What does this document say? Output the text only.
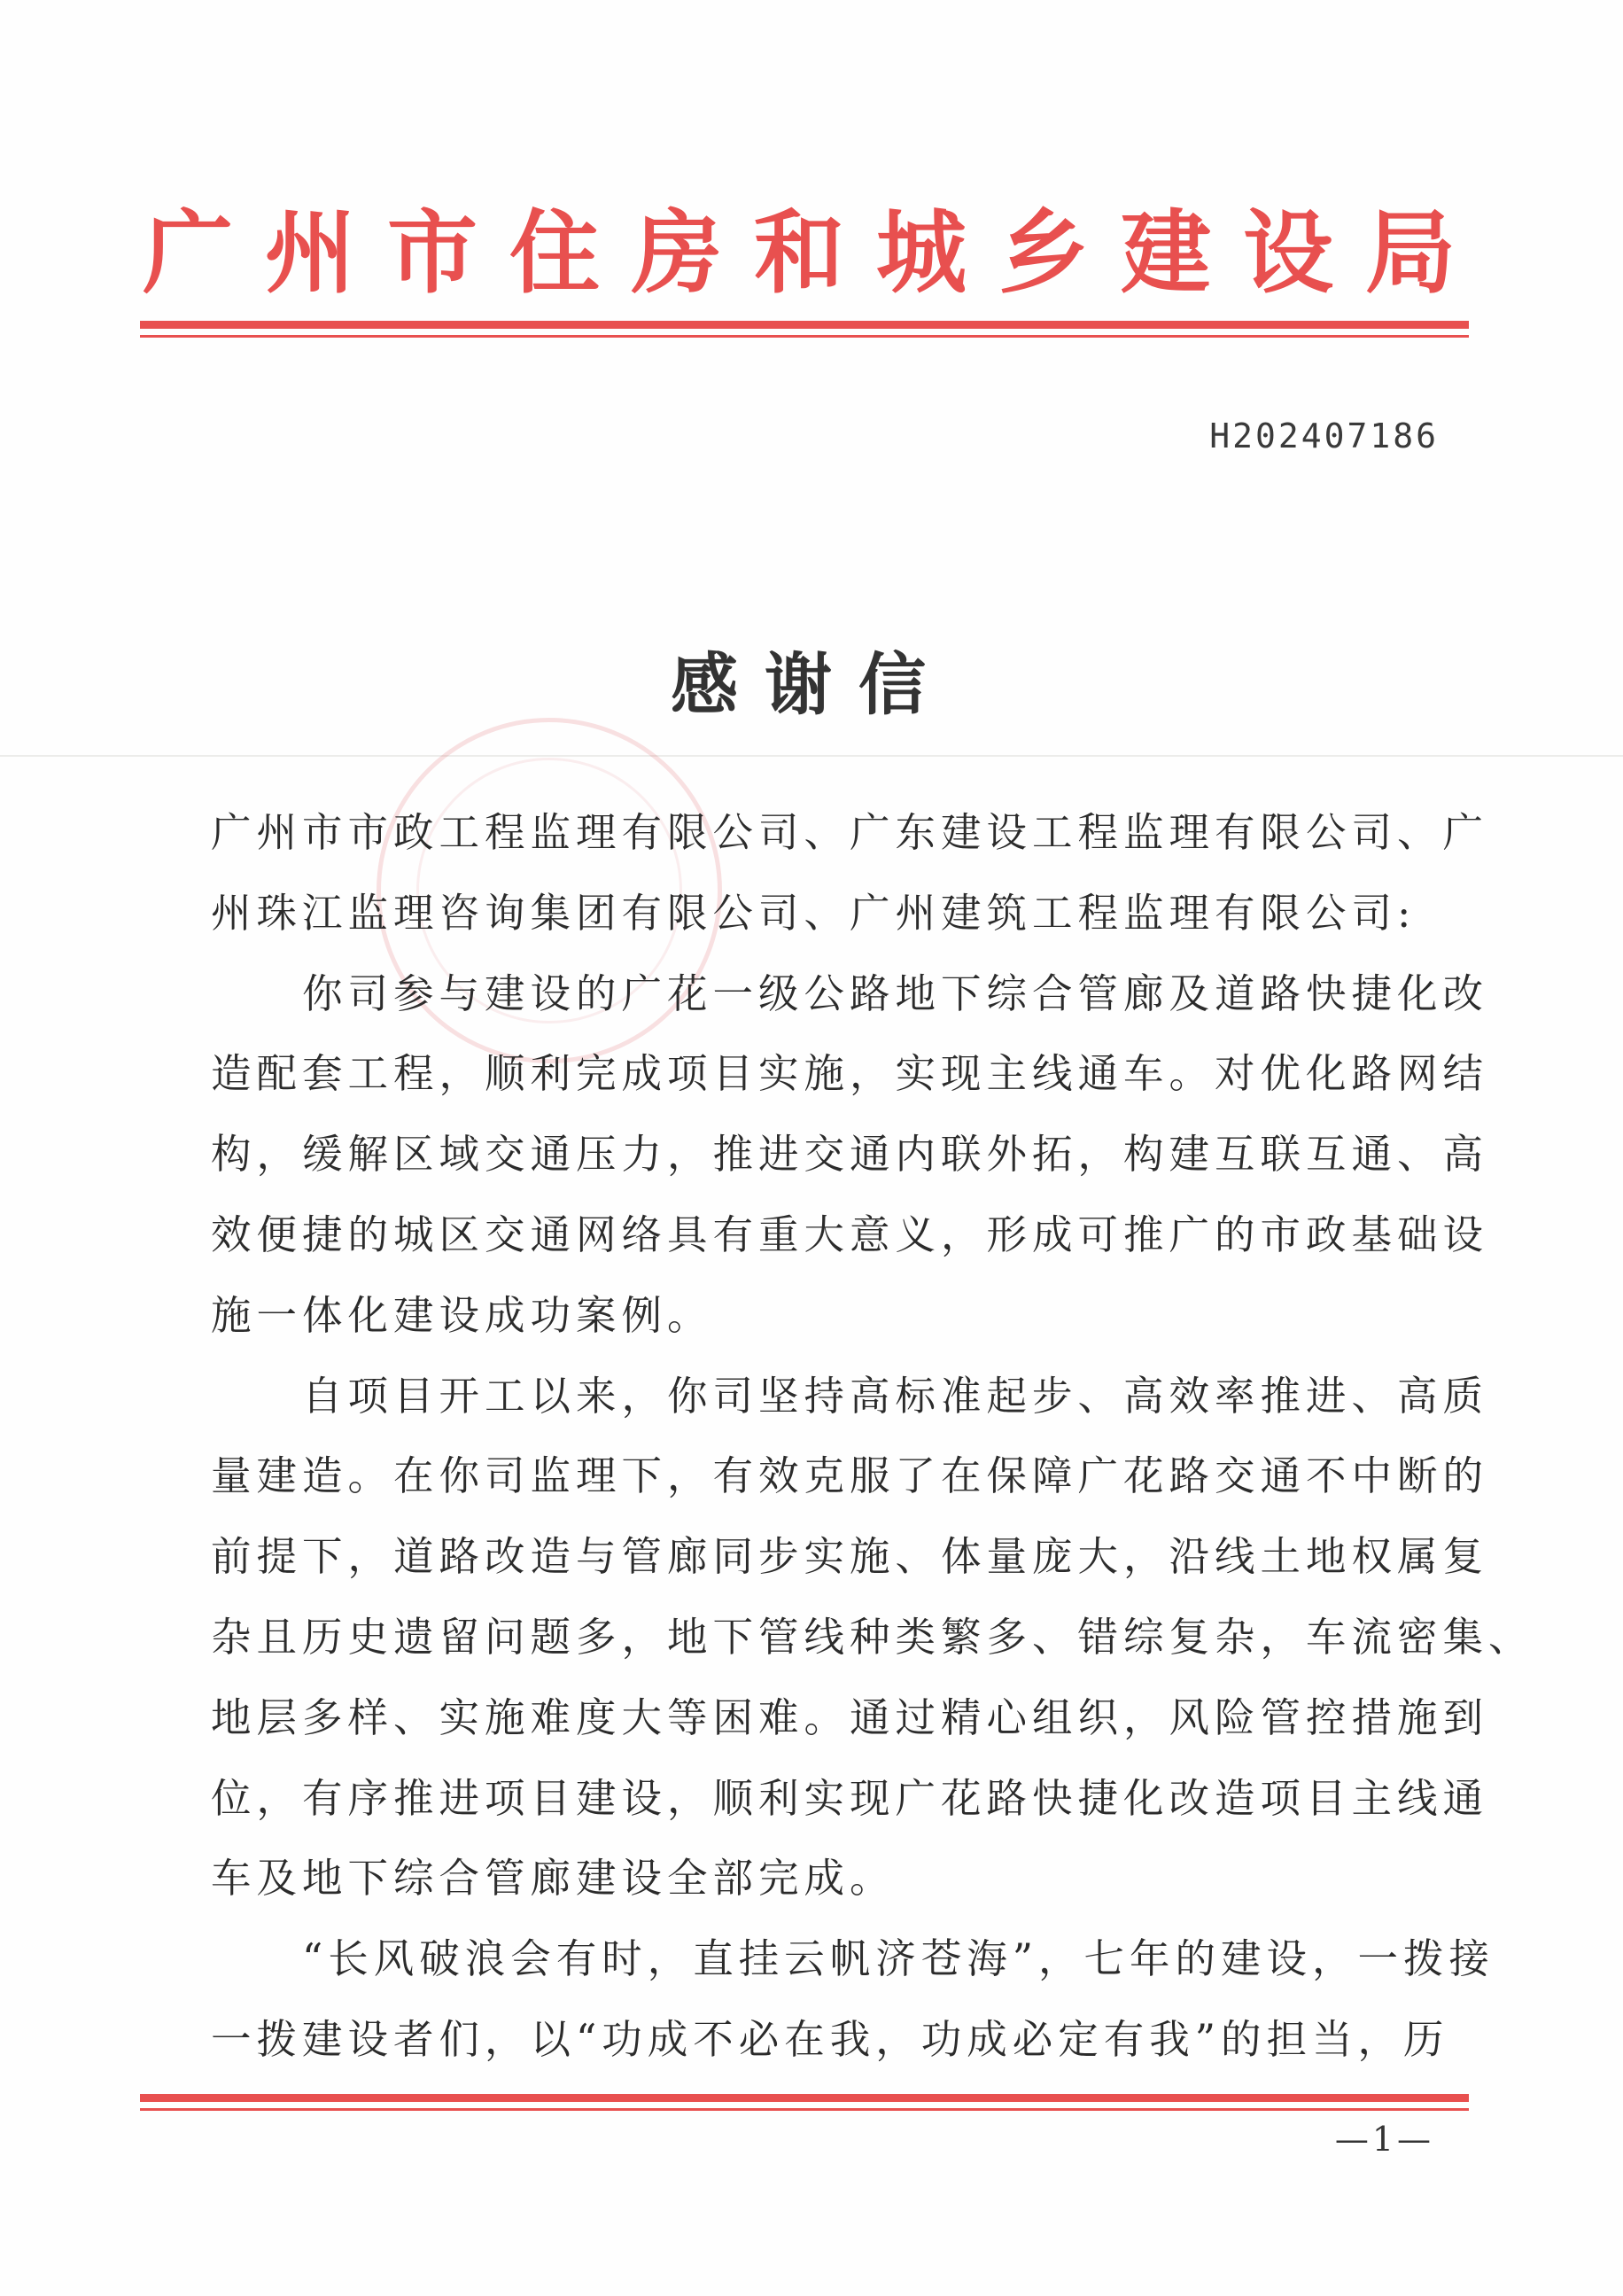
广州市住房和城乡建设局
H202407186
感谢信
广州市市政工程监理有限公司、广东建设工程监理有限公司、广
州珠江监理咨询集团有限公司、广州建筑工程监理有限公司:
　　你司参与建设的广花一级公路地下综合管廊及道路快捷化改
造配套工程，顺利完成项目实施，实现主线通车。对优化路网结
构，缓解区域交通压力，推进交通内联外拓，构建互联互通、高
效便捷的城区交通网络具有重大意义，形成可推广的市政基础设
施一体化建设成功案例。
　　自项目开工以来，你司坚持高标准起步、高效率推进、高质
量建造。在你司监理下，有效克服了在保障广花路交通不中断的
前提下，道路改造与管廊同步实施、体量庞大，沿线土地权属复
杂且历史遗留问题多，地下管线种类繁多、错综复杂，车流密集、
地层多样、实施难度大等困难。通过精心组织，风险管控措施到
位，有序推进项目建设，顺利实现广花路快捷化改造项目主线通
车及地下综合管廊建设全部完成。
　　“长风破浪会有时，直挂云帆济苍海”，七年的建设，一拨接
一拨建设者们，以“功成不必在我，功成必定有我”的担当，历
—1—
